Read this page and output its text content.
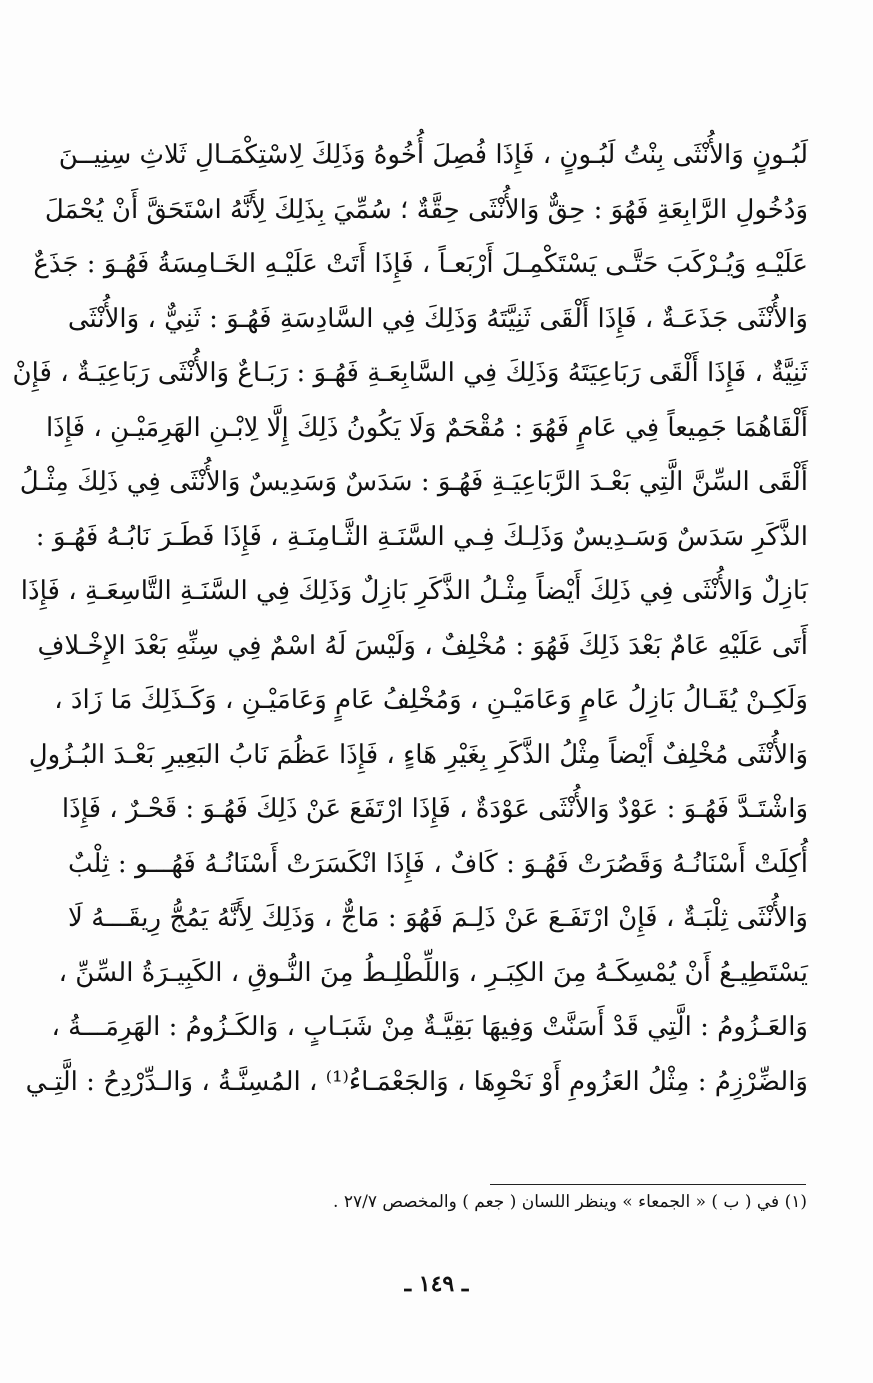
لَبُـونٍ وَالأُنْثَى بِنْتُ لَبُـونٍ ، فَإِذَا فُصِلَ أُخُوهُ وَذَلِكَ لِاسْتِكْمَـالِ ثَلاثِ سِنِيــنَ
وَدُخُولِ الرَّابِعَةِ فَهُوَ : حِقٌّ وَالأُنْثَى حِقَّةٌ ؛ سُمِّيَ بِذَلِكَ لِأَنَّهُ اسْتَحَقَّ أَنْ يُحْمَلَ
عَلَيْـهِ وَيُـرْكَبَ حَتَّـى يَسْتَكْمِـلَ أَرْبَعـاً ، فَإِذَا أَتَتْ عَلَيْـهِ الخَـامِسَةُ فَهُـوَ : جَذَعٌ
وَالأُنْثَى جَذَعَـةٌ ، فَإِذَا أَلْقَى ثَنِيَّتَهُ وَذَلِكَ فِي السَّادِسَةِ فَهُـوَ : ثَنِيٌّ ، وَالأُنْثَى
ثَنِيَّةٌ ، فَإِذَا أَلْقَى رَبَاعِيَتَهُ وَذَلِكَ فِي السَّابِعَـةِ فَهُـوَ : رَبَـاعٌ وَالأُنْثَى رَبَاعِيَـةٌ ، فَإِنْ
أَلْقَاهُمَا جَمِيعاً فِي عَامٍ فَهُوَ : مُقْحَمٌ وَلَا يَكُونُ ذَلِكَ إِلَّا لِابْـنِ الهَرِمَيْـنِ ، فَإِذَا
أَلْقَى السِّنَّ الَّتِي بَعْـدَ الرَّبَاعِيَـةِ فَهُـوَ : سَدَسٌ وَسَدِيسٌ وَالأُنْثَى فِي ذَلِكَ مِثْـلُ
الذَّكَرِ سَدَسٌ وَسَـدِيسٌ وَذَلِـكَ فِـي السَّنَـةِ الثَّـامِنَـةِ ، فَإِذَا فَطَـرَ نَابُـهُ فَهُـوَ :
بَازِلٌ وَالأُنْثَى فِي ذَلِكَ أَيْضاً مِثْـلُ الذَّكَرِ بَازِلٌ وَذَلِكَ فِي السَّنَـةِ التَّاسِعَـةِ ، فَإِذَا
أَتَى عَلَيْهِ عَامٌ بَعْدَ ذَلِكَ فَهُوَ : مُخْلِفٌ ، وَلَيْسَ لَهُ اسْمٌ فِي سِنِّهِ بَعْدَ الإِخْـلافِ
وَلَكِـنْ يُقَـالُ بَازِلُ عَامٍ وَعَامَيْـنِ ، وَمُخْلِفُ عَامٍ وَعَامَيْـنِ ، وَكَـذَلِكَ مَا زَادَ ،
وَالأُنْثَى مُخْلِفٌ أَيْضاً مِثْلُ الذَّكَرِ بِغَيْرِ هَاءٍ ، فَإِذَا عَظُمَ نَابُ البَعِيرِ بَعْـدَ البُـزُولِ
وَاشْتَـدَّ فَهُـوَ : عَوْدٌ وَالأُنْثَى عَوْدَةٌ ، فَإِذَا ارْتَفَعَ عَنْ ذَلِكَ فَهُـوَ : قَحْـرٌ ، فَإِذَا
أُكِلَتْ أَسْنَانُـهُ وَقَصُرَتْ فَهُـوَ : كَافٌ ، فَإِذَا انْكَسَرَتْ أَسْنَانُـهُ فَهُـــو : ثِلْبٌ
وَالأُنْثَى ثِلْبَـةٌ ، فَإِنْ ارْتَفَـعَ عَنْ ذَلِـمَ فَهُوَ : مَاجٌّ ، وَذَلِكَ لِأَنَّهُ يَمُجُّ رِيقَـــهُ لَا
يَسْتَطِيـعُ أَنْ يُمْسِكَـهُ مِنَ الكِبَـرِ ، وَاللِّطْلِـطُ مِنَ النُّـوقِ ، الكَبِيـرَةُ السِّنِّ ،
وَالعَـزُومُ : الَّتِي قَدْ أَسَنَّتْ وَفِيهَا بَقِيَّـةٌ مِنْ شَبَـابٍ ، وَالكَـزُومُ : الهَرِمَـــةُ ،
وَالضِّرْزِمُ : مِثْلُ العَزُومِ أَوْ نَحْوِهَا ، وَالجَعْمَـاءُ⁽¹⁾ ، المُسِنَّـةُ ، وَالـدِّرْدِحُ : الَّتِـي
(١) في ( ب ) « الجمعاء » وينظر اللسان ( جعم ) والمخصص ٢٧/٧ .
ـ ١٤٩ ـ
